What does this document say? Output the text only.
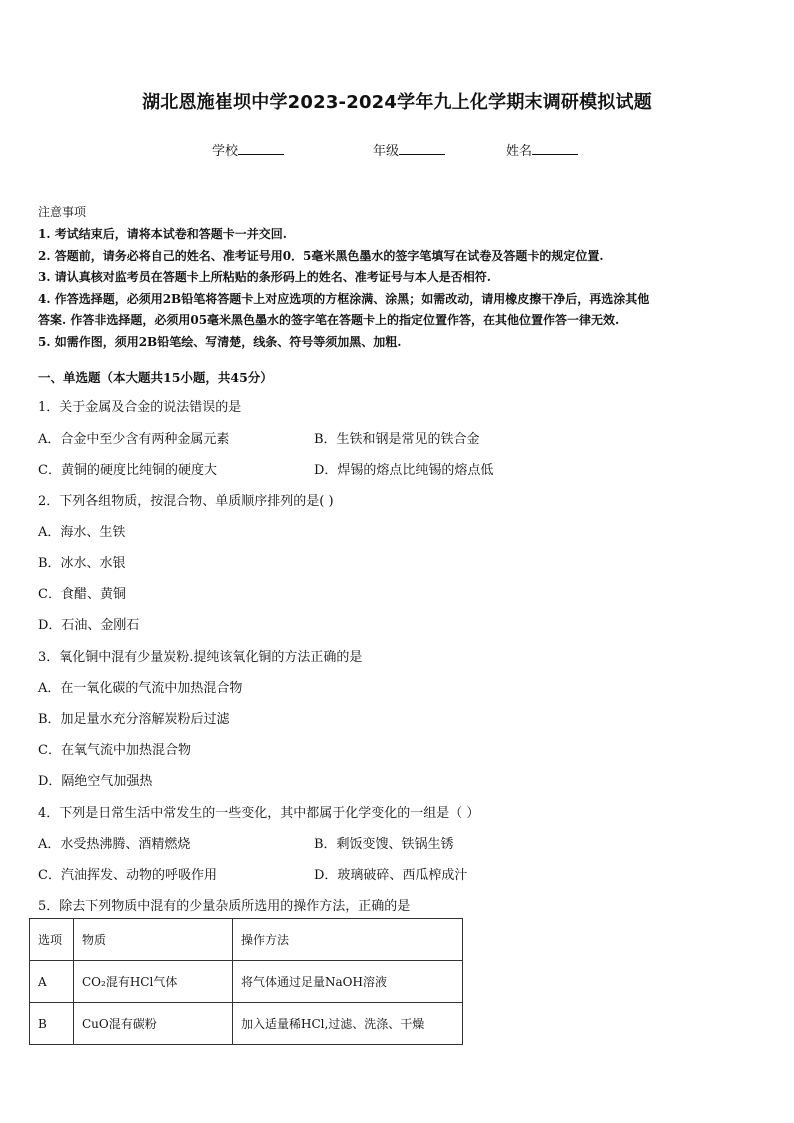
湖北恩施崔坝中学2023-2024学年九上化学期末调研模拟试题
学校	年级	姓名
注意事项
1. 考试结束后，请将本试卷和答题卡一并交回.
2. 答题前，请务必将自己的姓名、准考证号用0．5毫米黑色墨水的签字笔填写在试卷及答题卡的规定位置.
3. 请认真核对监考员在答题卡上所粘贴的条形码上的姓名、准考证号与本人是否相符.
4. 作答选择题，必须用2B铅笔将答题卡上对应选项的方框涂满、涂黑；如需改动，请用橡皮擦干净后，再选涂其他
答案. 作答非选择题，必须用05毫米黑色墨水的签字笔在答题卡上的指定位置作答，在其他位置作答一律无效.
5. 如需作图，须用2B铅笔绘、写清楚，线条、符号等须加黑、加粗.
一、单选题（本大题共15小题，共45分）
1．关于金属及合金的说法错误的是
A．合金中至少含有两种金属元素	B．生铁和钢是常见的铁合金
C．黄铜的硬度比纯铜的硬度大	D．焊锡的熔点比纯锡的熔点低
2．下列各组物质，按混合物、单质顺序排列的是( )
A．海水、生铁
B．冰水、水银
C．食醋、黄铜
D．石油、金刚石
3．氧化铜中混有少量炭粉.提纯该氧化铜的方法正确的是
A．在一氧化碳的气流中加热混合物
B．加足量水充分溶解炭粉后过滤
C．在氧气流中加热混合物
D．隔绝空气加强热
4．下列是日常生活中常发生的一些变化，其中都属于化学变化的一组是（ ）
A．水受热沸腾、酒精燃烧	B．剩饭变馊、铁锅生锈
C．汽油挥发、动物的呼吸作用	D．玻璃破碎、西瓜榨成汁
5．除去下列物质中混有的少量杂质所选用的操作方法，正确的是
选项	物质	操作方法
A	CO₂混有HCl气体	将气体通过足量NaOH溶液
B	CuO混有碳粉	加入适量稀HCl,过滤、洗涤、干燥
